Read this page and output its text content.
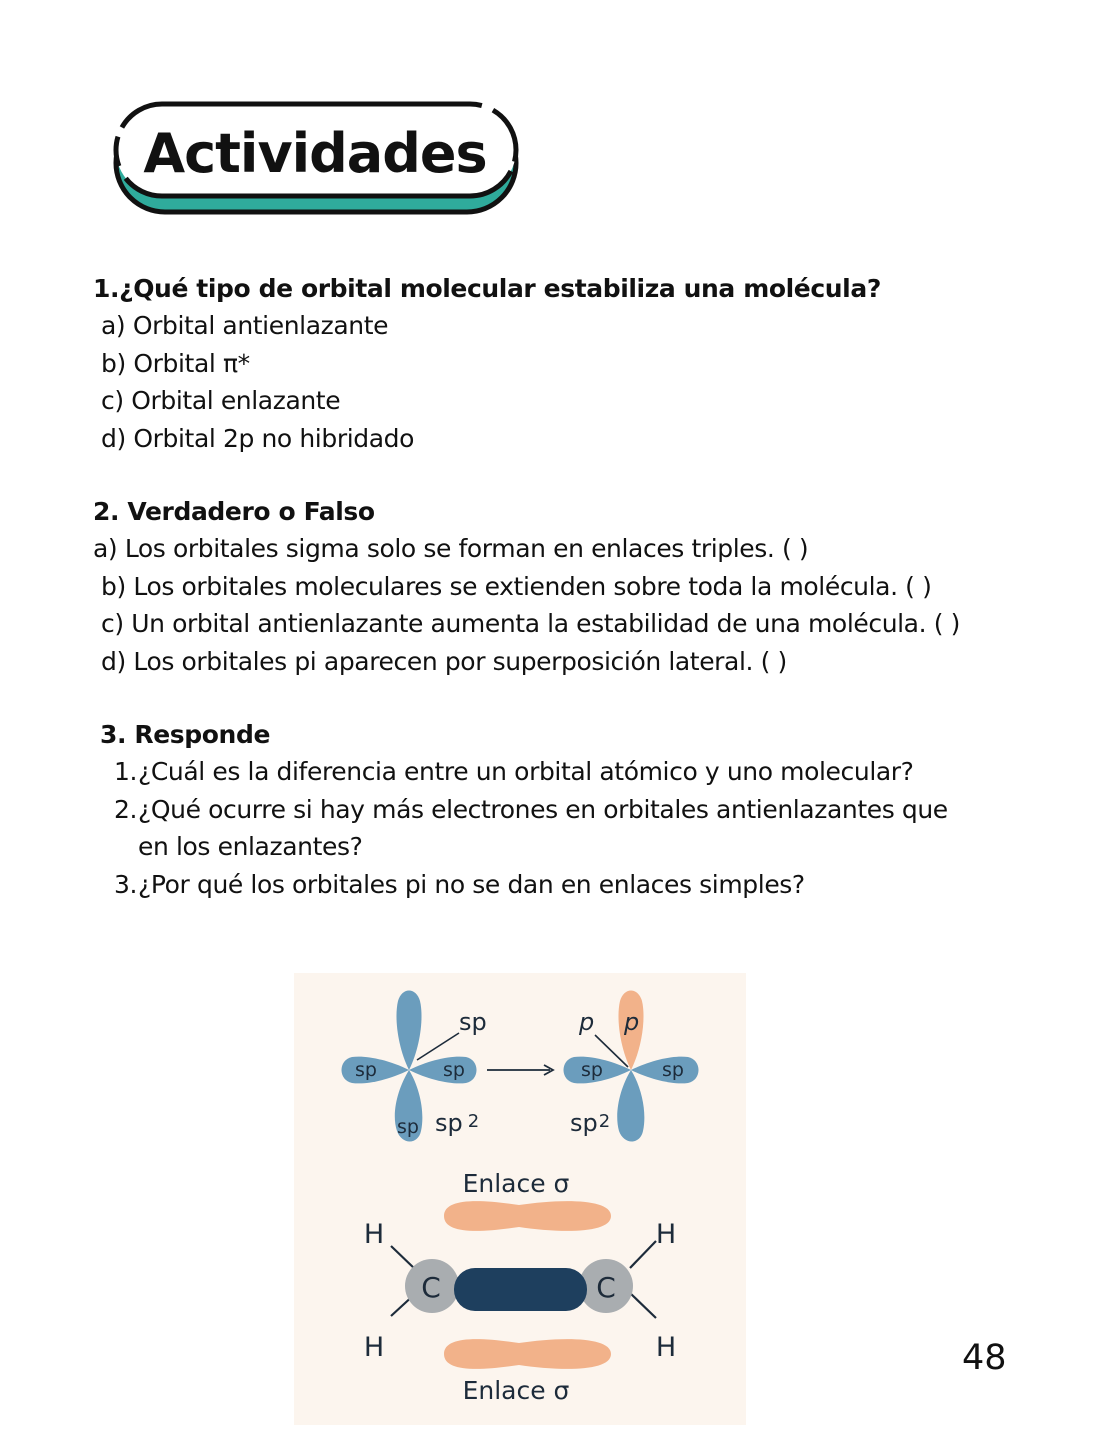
Actividades
1.¿Qué tipo de orbital molecular estabiliza una molécula?
a) Orbital antienlazante
b) Orbital π*
c) Orbital enlazante
d) Orbital 2p no hibridado
2. Verdadero o Falso
a) Los orbitales sigma solo se forman en enlaces triples. ( )
b) Los orbitales moleculares se extienden sobre toda la molécula. ( )
c) Un orbital antienlazante aumenta la estabilidad de una molécula. ( )
d) Los orbitales pi aparecen por superposición lateral. ( )
3. Responde
1. ¿Cuál es la diferencia entre un orbital atómico y uno molecular?
2. ¿Qué ocurre si hay más electrones en orbitales antienlazantes que
en los enlazantes?
3. ¿Por qué los orbitales pi no se dan en enlaces simples?
sp
sp	sp
sp sp 2
p p
sp	sp
sp2
Enlace σ
C	C
H
H
H
H
Enlace σ
48
